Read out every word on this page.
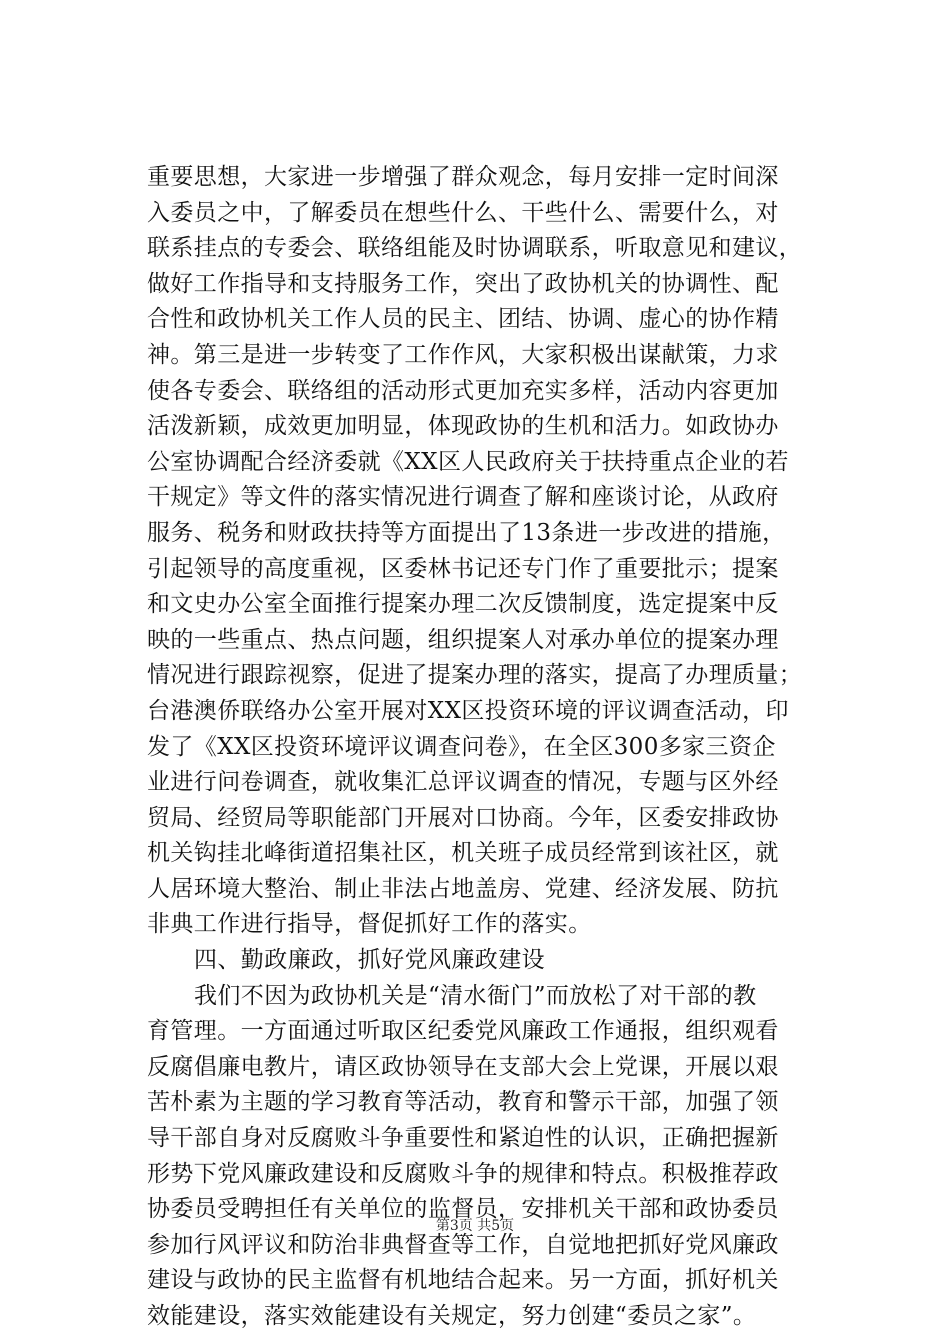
重要思想，大家进一步增强了群众观念，每月安排一定时间深
入委员之中，了解委员在想些什么、干些什么、需要什么，对
联系挂点的专委会、联络组能及时协调联系，听取意见和建议，
做好工作指导和支持服务工作，突出了政协机关的协调性、配
合性和政协机关工作人员的民主、团结、协调、虚心的协作精
神。第三是进一步转变了工作作风，大家积极出谋献策，力求
使各专委会、联络组的活动形式更加充实多样，活动内容更加
活泼新颖，成效更加明显，体现政协的生机和活力。如政协办
公室协调配合经济委就《XX区人民政府关于扶持重点企业的若
干规定》等文件的落实情况进行调查了解和座谈讨论，从政府
服务、税务和财政扶持等方面提出了13条进一步改进的措施，
引起领导的高度重视，区委林书记还专门作了重要批示；提案
和文史办公室全面推行提案办理二次反馈制度，选定提案中反
映的一些重点、热点问题，组织提案人对承办单位的提案办理
情况进行跟踪视察，促进了提案办理的落实，提高了办理质量；
台港澳侨联络办公室开展对XX区投资环境的评议调查活动，印
发了《XX区投资环境评议调查问卷》，在全区300多家三资企
业进行问卷调查，就收集汇总评议调查的情况，专题与区外经
贸局、经贸局等职能部门开展对口协商。今年，区委安排政协
机关钩挂北峰街道招集社区，机关班子成员经常到该社区，就
人居环境大整治、制止非法占地盖房、党建、经济发展、防抗
非典工作进行指导，督促抓好工作的落实。
四、勤政廉政，抓好党风廉政建设
我们不因为政协机关是“清水衙门”而放松了对干部的教
育管理。一方面通过听取区纪委党风廉政工作通报，组织观看
反腐倡廉电教片，请区政协领导在支部大会上党课，开展以艰
苦朴素为主题的学习教育等活动，教育和警示干部，加强了领
导干部自身对反腐败斗争重要性和紧迫性的认识，正确把握新
形势下党风廉政建设和反腐败斗争的规律和特点。积极推荐政
协委员受聘担任有关单位的监督员，安排机关干部和政协委员
参加行风评议和防治非典督查等工作，自觉地把抓好党风廉政
建设与政协的民主监督有机地结合起来。另一方面，抓好机关
效能建设，落实效能建设有关规定，努力创建“委员之家”。
第3页 共5页
